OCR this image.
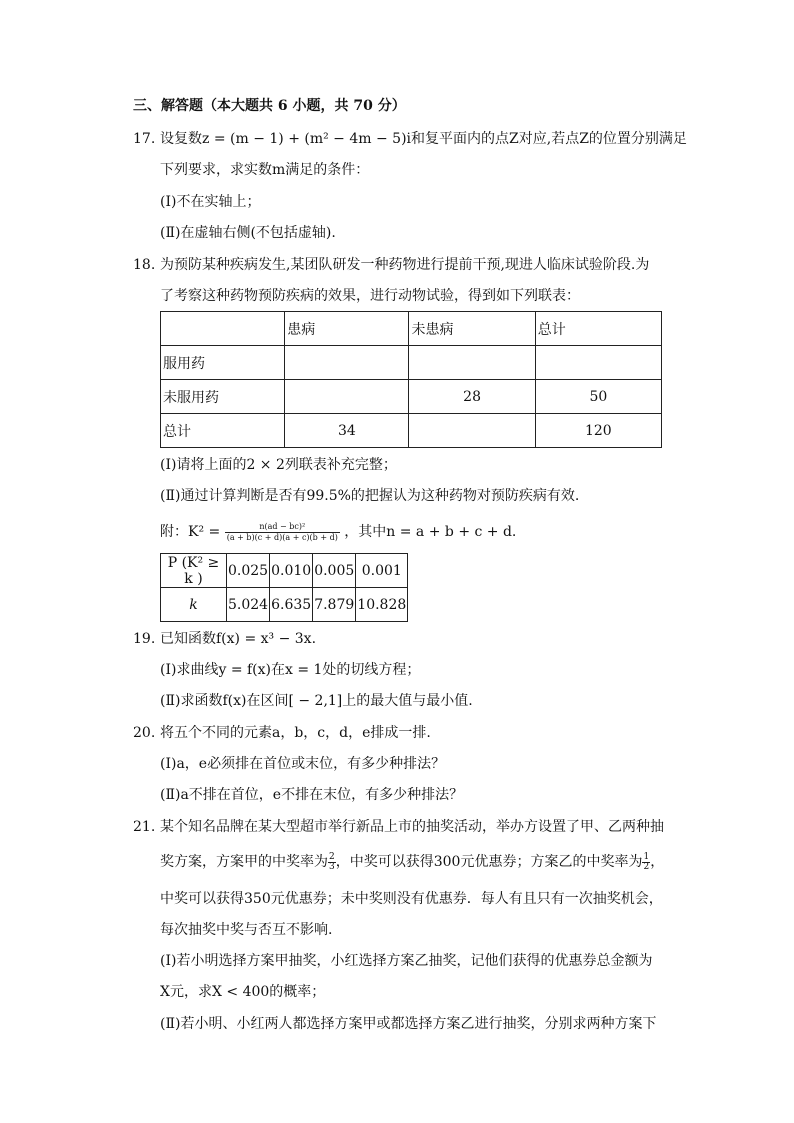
三、解答题（本大题共 6 小题，共 70 分）
17. 设复数z = (m − 1) + (m² − 4m − 5)i和复平面内的点Z对应,若点Z的位置分别满足
下列要求，求实数m满足的条件：
(Ⅰ)不在实轴上；
(Ⅱ)在虚轴右侧(不包括虚轴).
18. 为预防某种疾病发生,某团队研发一种药物进行提前干预,现进人临床试验阶段.为
了考察这种药物预防疾病的效果，进行动物试验，得到如下列联表：
	患病	未患病	总计
服用药			
未服用药		28	50
总计	34		120
(Ⅰ)请将上面的2 × 2列联表补充完整；
(Ⅱ)通过计算判断是否有99.5%的把握认为这种药物对预防疾病有效.
附：$K^2 = \frac{\text{n(ad − bc)²}}{(a + b)(c + d)(a + c)(b + d)}$ ，其中n = a + b + c + d.
P (K² ≥ k )	0.025	0.010	0.005	0.001
k	5.024	6.635	7.879	10.828
19. 已知函数f(x) = x³ − 3x.
(Ⅰ)求曲线y = f(x)在x = 1处的切线方程；
(Ⅱ)求函数f(x)在区间[ − 2,1]上的最大值与最小值.
20. 将五个不同的元素a，b，c，d，e排成一排.
(Ⅰ)a，e必须排在首位或末位，有多少种排法？
(Ⅱ)a不排在首位，e不排在末位，有多少种排法？
21. 某个知名品牌在某大型超市举行新品上市的抽奖活动，举办方设置了甲、乙两种抽
奖方案，方案甲的中奖率为 $\frac{2}{3}$ ，中奖可以获得300元优惠券；方案乙的中奖率为 $\frac{1}{2}$ ，
中奖可以获得350元优惠券；未中奖则没有优惠券．每人有且只有一次抽奖机会，
每次抽奖中奖与否互不影响.
(Ⅰ)若小明选择方案甲抽奖，小红选择方案乙抽奖，记他们获得的优惠券总金额为
X元，求X < 400的概率；
(Ⅱ)若小明、小红两人都选择方案甲或都选择方案乙进行抽奖，分别求两种方案下
